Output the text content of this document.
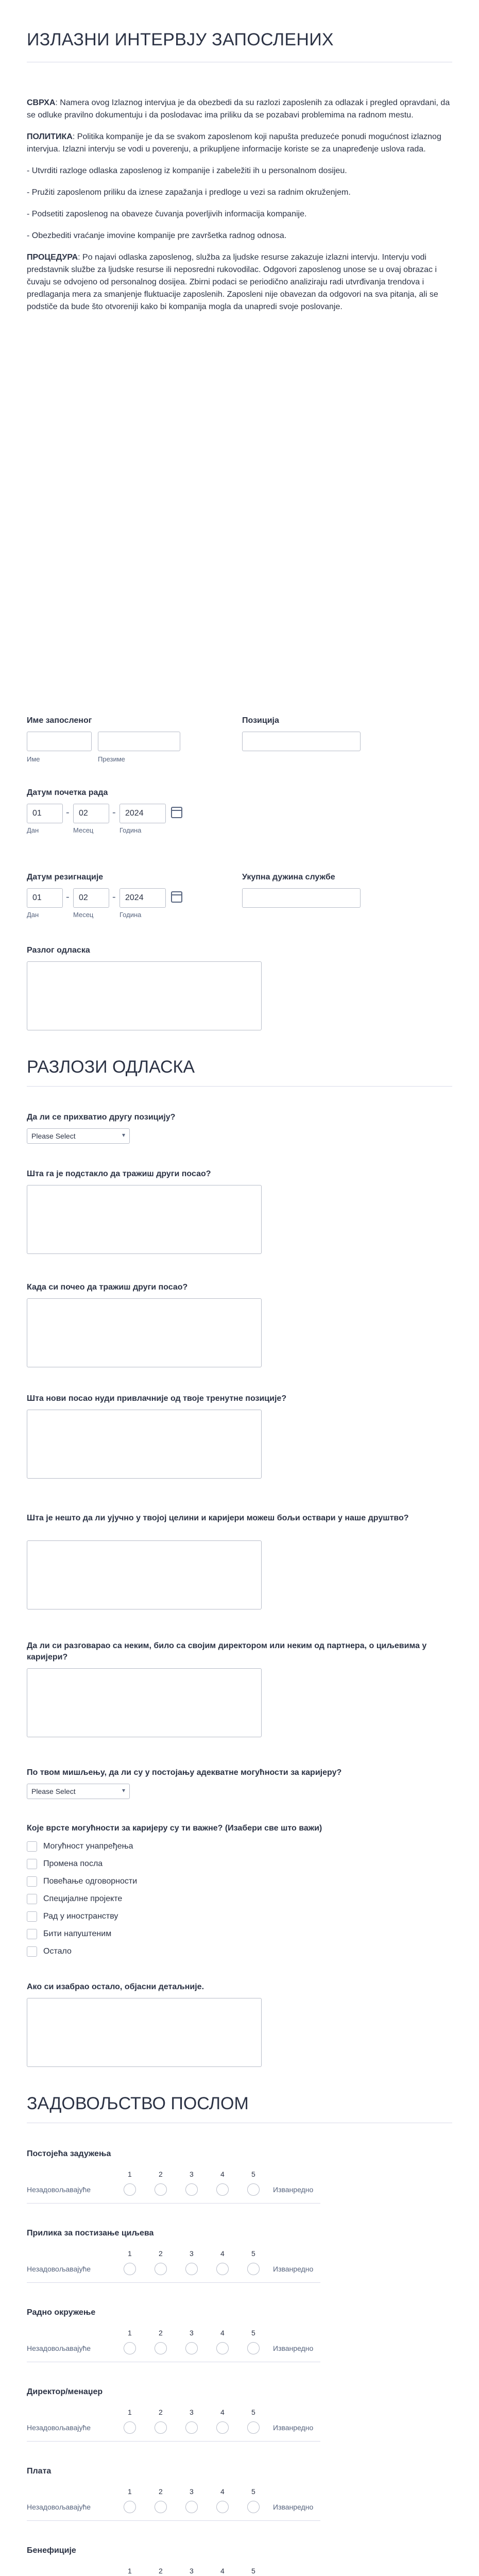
ИЗЛАЗНИ ИНТЕРВЈУ ЗАПОСЛЕНИХ

СВРХА: Namera ovog Izlaznog intervjua je da obezbedi da su razlozi zaposlenih za odlazak i pregled opravdani, da se odluke pravilno dokumentuju i da poslodavac ima priliku da se pozabavi problemima na radnom mestu.

ПОЛИТИКА: Politika kompanije je da se svakom zaposlenom koji napušta preduzeće ponudi mogućnost izlaznog intervjua. Izlazni intervju se vodi u poverenju, a prikupljene informacije koriste se za unapređenje uslova rada.

- Utvrditi razloge odlaska zaposlenog iz kompanije i zabeležiti ih u personalnom dosijeu.

- Pružiti zaposlenom priliku da iznese zapažanja i predloge u vezi sa radnim okruženjem.

- Podsetiti zaposlenog na obaveze čuvanja poverljivih informacija kompanije.

- Obezbediti vraćanje imovine kompanije pre završetka radnog odnosa.

ПРОЦЕДУРА: Po najavi odlaska zaposlenog, služba za ljudske resurse zakazuje izlazni intervju. Intervju vodi predstavnik službe za ljudske resurse ili neposredni rukovodilac. Odgovori zaposlenog unose se u ovaj obrazac i čuvaju se odvojeno od personalnog dosijea. Zbirni podaci se periodično analiziraju radi utvrđivanja trendova i predlaganja mera za smanjenje fluktuacije zaposlenih. Zaposleni nije obavezan da odgovori na sva pitanja, ali se podstiče da bude što otvoreniji kako bi kompanija mogla da unapredi svoje poslovanje.

Име запосленог
Име	Презиме
Позиција
Датум почетка рада
01	-	02	-	2024
Дан	Месец	Година
Датум резигнације
01	-	02	-	2024
Дан	Месец	Година
Укупна дужина службе
Разлог одласка
РАЗЛОЗИ ОДЛАСКА
Да ли се прихватио другу позицију?
Please Select	▾
Шта га је подстакло да тражиш други посао?
Када си почео да тражиш други посао?
Шта нови посао нуди привлачније од твоје тренутне позиције?
Шта је нешто да ли ујучно у твојој целини и каријери можеш бољи оствари у наше друштво?
Да ли си разговарао са неким, било са својим директором или неким од партнера, о циљевима у каријери?
По твом мишљењу, да ли су у постојању адекватне могућности за каријеру?
Please Select	▾
Које врсте могућности за каријеру су ти важне? (Изабери све што важи)
Могућност унапређења
Промена посла
Повећање одговорности
Специјалне пројекте
Рад у иностранству
Бити напуштеним
Остало
Ако си изабрао остало, објасни детаљније.
ЗАДОВОЉСТВО ПОСЛОМ
Постојећа задужења
1	2	3	4	5
Незадовољавајуће	Изванредно
Прилика за постизање циљева
1	2	3	4	5
Незадовољавајуће	Изванредно
Радно окружење
1	2	3	4	5
Незадовољавајуће	Изванредно
Директор/менаџер
1	2	3	4	5
Незадовољавајуће	Изванредно
Плата
1	2	3	4	5
Незадовољавајуће	Изванредно
Бенефиције
1	2	3	4	5
